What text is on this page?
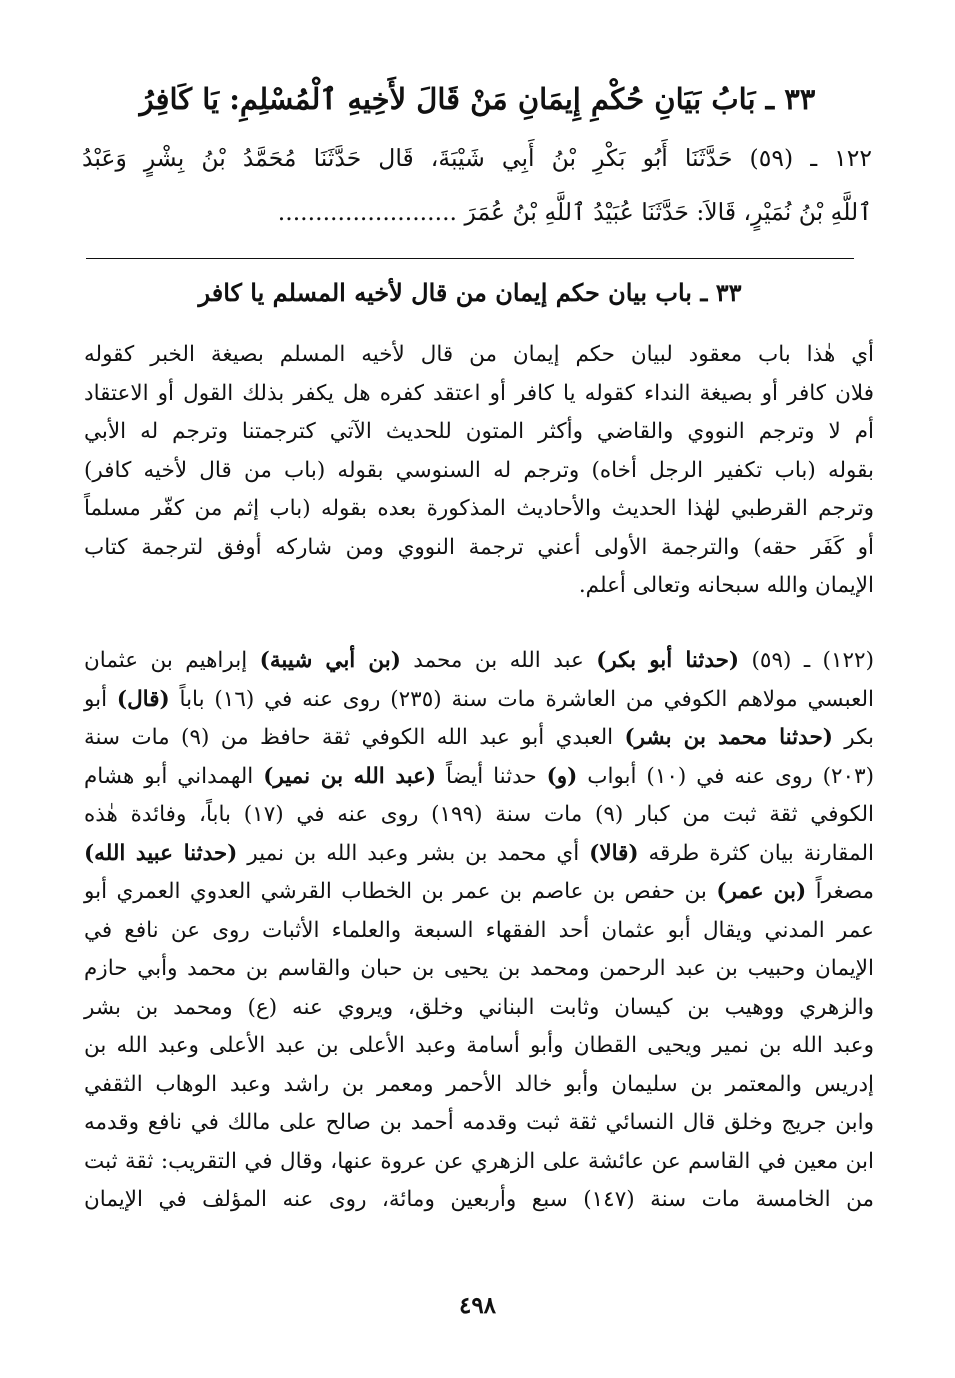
٣٣ ـ بَابُ بَيَانِ حُكْمِ إِيمَانِ مَنْ قَالَ لأَخِيهِ ٱلْمُسْلِمِ: يَا كَافِرُ
١٢٢ ـ (٥٩) حَدَّثَنَا أَبُو بَكْرِ بْنُ أَبِي شَيْبَةَ، قَال حَدَّثَنَا مُحَمَّدُ بْنُ بِشْرٍ وَعَبْدُ
ٱللَّهِ بْنُ نُمَيْرٍ، قَالاَ: حَدَّثَنَا عُبَيْدُ ٱللَّهِ بْنُ عُمَرَ ........................
٣٣ ـ باب بيان حكم إيمان من قال لأخيه المسلم يا كافر
أي هٰذا باب معقود لبيان حكم إيمان من قال لأخيه المسلم بصيغة الخبر كقوله
فلان كافر أو بصيغة النداء كقوله يا كافر أو اعتقد كفره هل يكفر بذلك القول أو الاعتقاد
أم لا وترجم النووي والقاضي وأكثر المتون للحديث الآتي كترجمتنا وترجم له الأبي
بقوله (باب تكفير الرجل أخاه) وترجم له السنوسي بقوله (باب من قال لأخيه كافر)
وترجم القرطبي لهٰذا الحديث والأحاديث المذكورة بعده بقوله (باب إثم من كفّر مسلماً
أو كَفَر حقه) والترجمة الأولى أعني ترجمة النووي ومن شاركه أوفق لترجمة كتاب
الإيمان والله سبحانه وتعالى أعلم.
(١٢٢) ـ (٥٩) (حدثنا أبو بكر) عبد الله بن محمد (بن أبي شيبة) إبراهيم بن عثمان
العبسي مولاهم الكوفي من العاشرة مات سنة (٢٣٥) روى عنه في (١٦) باباً (قال) أبو
بكر (حدثنا محمد بن بشر) العبدي أبو عبد الله الكوفي ثقة حافظ من (٩) مات سنة
(٢٠٣) روى عنه في (١٠) أبواب (و) حدثنا أيضاً (عبد الله بن نمير) الهمداني أبو هشام
الكوفي ثقة ثبت من كبار (٩) مات سنة (١٩٩) روى عنه في (١٧) باباً، وفائدة هٰذه
المقارنة بيان كثرة طرقه (قالا) أي محمد بن بشر وعبد الله بن نمير (حدثنا عبيد الله)
مصغراً (بن عمر) بن حفص بن عاصم بن عمر بن الخطاب القرشي العدوي العمري أبو
عمر المدني ويقال أبو عثمان أحد الفقهاء السبعة والعلماء الأثبات روى عن نافع في
الإيمان وحبيب بن عبد الرحمن ومحمد بن يحيى بن حبان والقاسم بن محمد وأبي حازم
والزهري ووهيب بن كيسان وثابت البناني وخلق، ويروي عنه (ع) ومحمد بن بشر
وعبد الله بن نمير ويحيى القطان وأبو أسامة وعبد الأعلى بن عبد الأعلى وعبد الله بن
إدريس والمعتمر بن سليمان وأبو خالد الأحمر ومعمر بن راشد وعبد الوهاب الثقفي
وابن جريج وخلق قال النسائي ثقة ثبت وقدمه أحمد بن صالح على مالك في نافع وقدمه
ابن معين في القاسم عن عائشة على الزهري عن عروة عنها، وقال في التقريب: ثقة ثبت
من الخامسة مات سنة (١٤٧) سبع وأربعين ومائة، روى عنه المؤلف في الإيمان
٤٩٨
